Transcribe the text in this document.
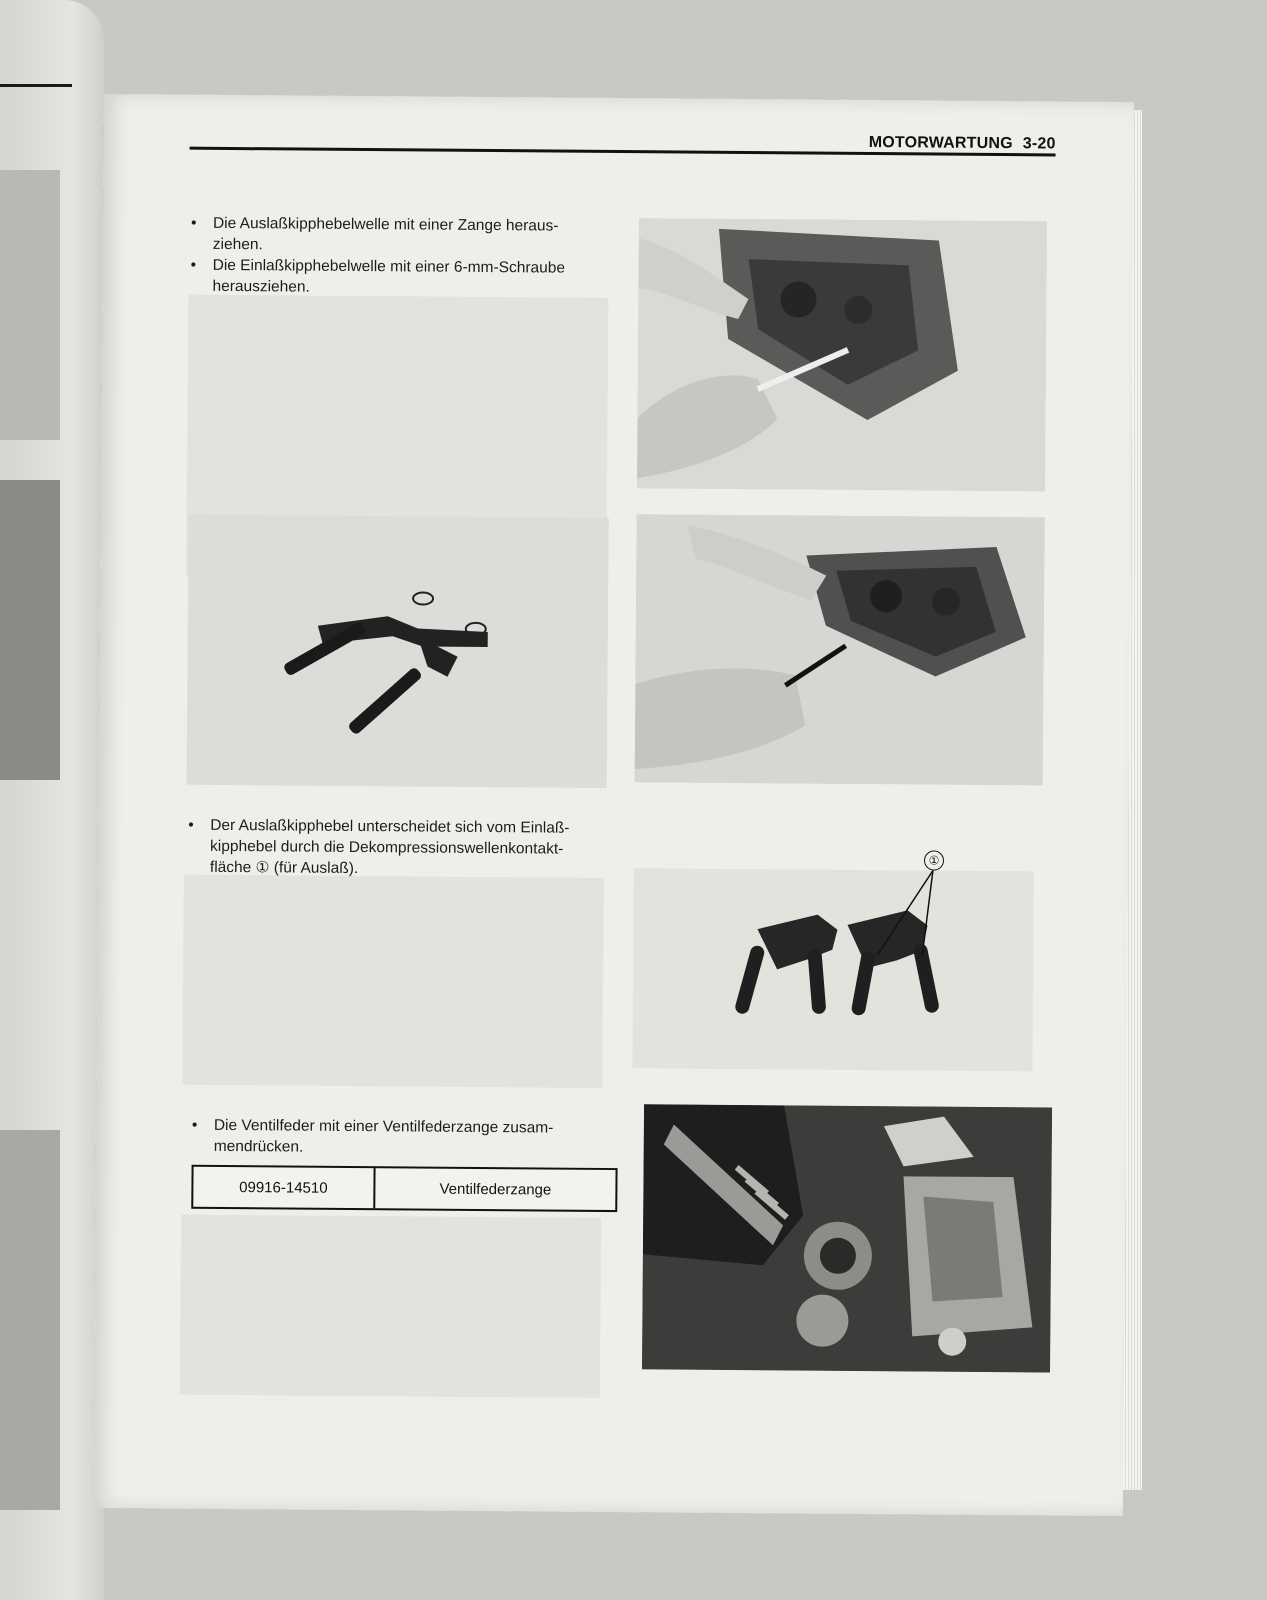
MOTORWARTUNG 3-20
• Die Auslaßkipphebelwelle mit einer Zange heraus-
ziehen.
• Die Einlaßkipphebelwelle mit einer 6-mm-Schraube
herausziehen.
• Der Auslaßkipphebel unterscheidet sich vom Einlaß-
kipphebel durch die Dekompressionswellenkontakt-
fläche ① (für Auslaß).	①
• Die Ventilfeder mit einer Ventilfederzange zusam-
mendrücken.
09916-14510	Ventilfederzange
